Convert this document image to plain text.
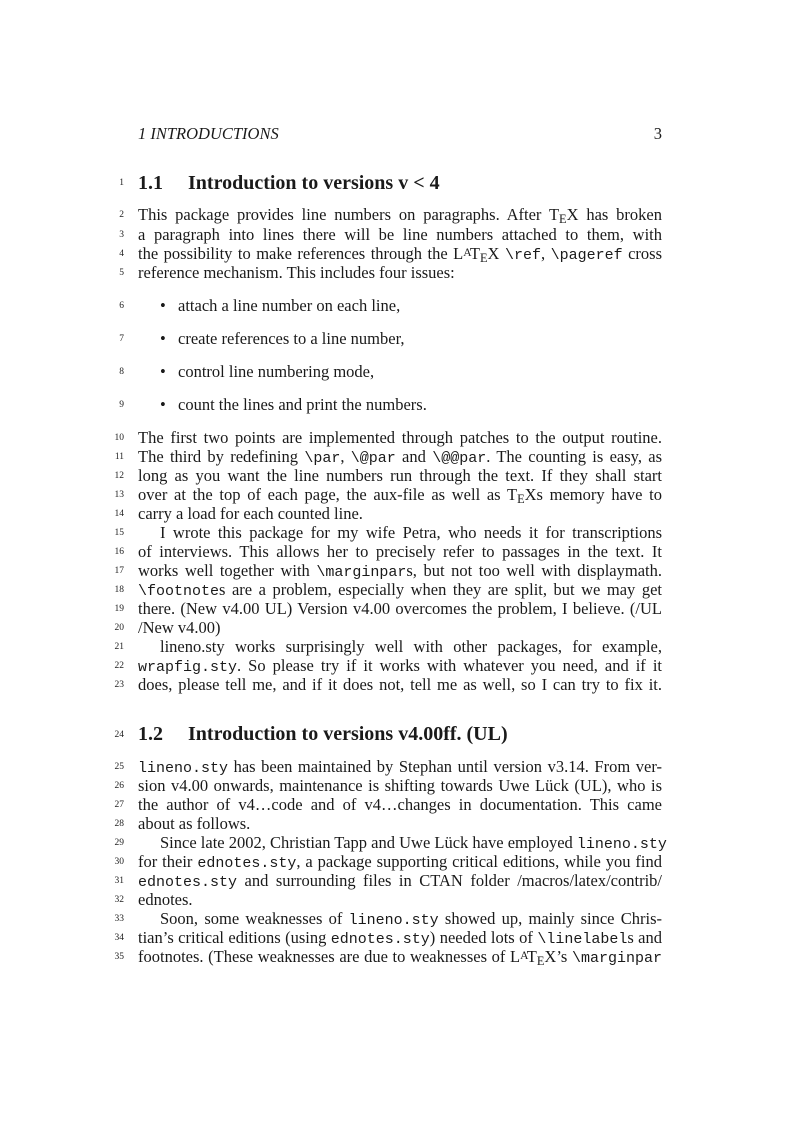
1 INTRODUCTIONS	3
1 1.1 Introduction to versions v < 4
2 This package provides line numbers on paragraphs. After TEX has broken
3 a paragraph into lines there will be line numbers attached to them, with
4 the possibility to make references through the LATEX \ref, \pageref cross
5 reference mechanism. This includes four issues:
6 • attach a line number on each line,
7 • create references to a line number,
8 • control line numbering mode,
9 • count the lines and print the numbers.
10 The first two points are implemented through patches to the output routine.
11 The third by redefining \par, \@par and \@@par. The counting is easy, as
12 long as you want the line numbers run through the text. If they shall start
13 over at the top of each page, the aux-file as well as TEXs memory have to
14 carry a load for each counted line.
15	I wrote this package for my wife Petra, who needs it for transcriptions
16 of interviews. This allows her to precisely refer to passages in the text. It
17 works well together with \marginpars, but not too well with displaymath.
18 \footnotes are a problem, especially when they are split, but we may get
19 there. (New v4.00 UL) Version v4.00 overcomes the problem, I believe. (/UL
20 /New v4.00)
21	lineno.sty works surprisingly well with other packages, for example,
22 wrapfig.sty. So please try if it works with whatever you need, and if it
23 does, please tell me, and if it does not, tell me as well, so I can try to fix it.
24 1.2 Introduction to versions v4.00ff. (UL)
25 lineno.sty has been maintained by Stephan until version v3.14. From ver-
26 sion v4.00 onwards, maintenance is shifting towards Uwe Lück (UL), who is
27 the author of v4…code and of v4…changes in documentation. This came
28 about as follows.
29	Since late 2002, Christian Tapp and Uwe Lück have employed lineno.sty
30 for their ednotes.sty, a package supporting critical editions, while you find
31 ednotes.sty and surrounding files in CTAN folder /macros/latex/contrib/
32 ednotes.
33	Soon, some weaknesses of lineno.sty showed up, mainly since Chris-
34 tian’s critical editions (using ednotes.sty) needed lots of \linelabels and
35 footnotes. (These weaknesses are due to weaknesses of LATEX’s \marginpar
